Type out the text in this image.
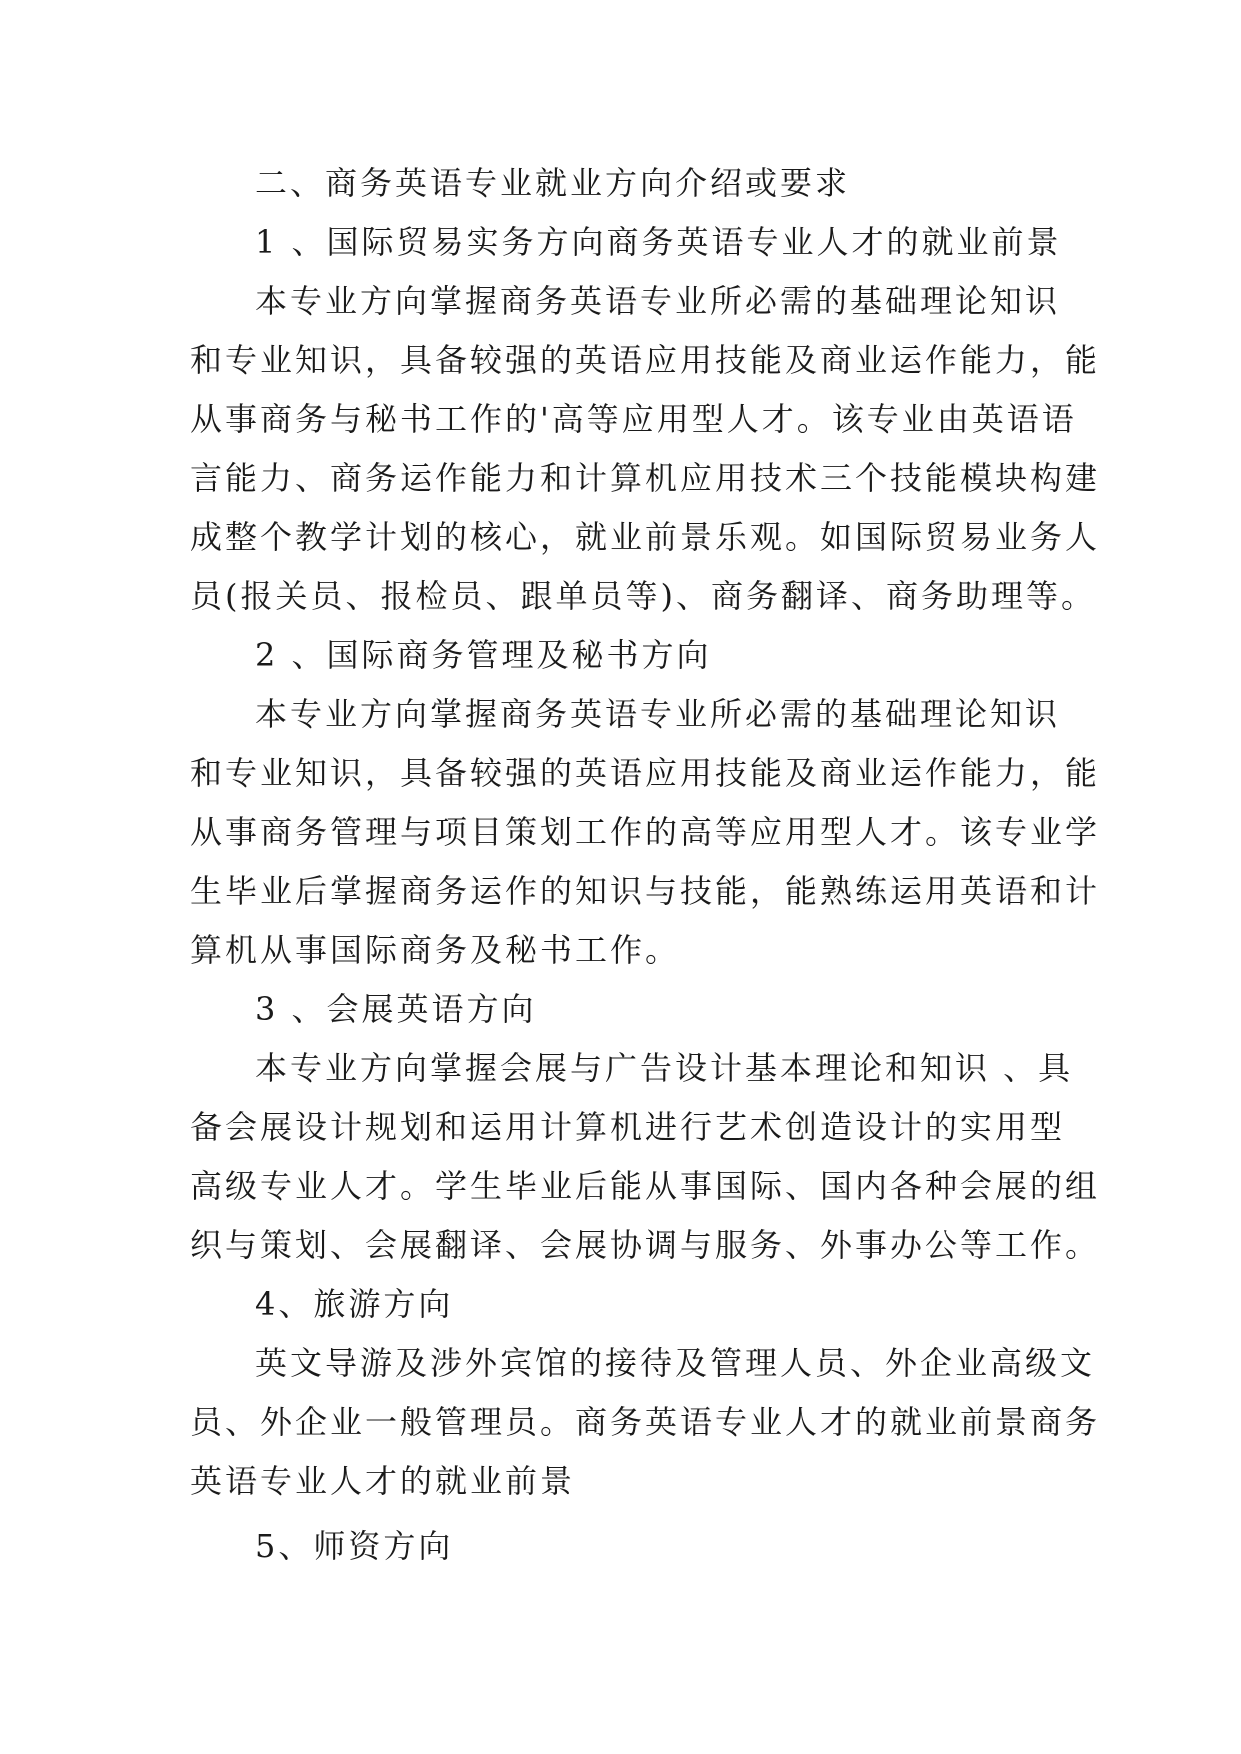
二、商务英语专业就业方向介绍或要求
1 、国际贸易实务方向商务英语专业人才的就业前景
本专业方向掌握商务英语专业所必需的基础理论知识
和专业知识，具备较强的英语应用技能及商业运作能力，能
从事商务与秘书工作的'高等应用型人才。该专业由英语语
言能力、商务运作能力和计算机应用技术三个技能模块构建
成整个教学计划的核心，就业前景乐观。如国际贸易业务人
员(报关员、报检员、跟单员等)、商务翻译、商务助理等。
2 、国际商务管理及秘书方向
本专业方向掌握商务英语专业所必需的基础理论知识
和专业知识，具备较强的英语应用技能及商业运作能力，能
从事商务管理与项目策划工作的高等应用型人才。该专业学
生毕业后掌握商务运作的知识与技能，能熟练运用英语和计
算机从事国际商务及秘书工作。
3 、会展英语方向
本专业方向掌握会展与广告设计基本理论和知识 、具
备会展设计规划和运用计算机进行艺术创造设计的实用型
高级专业人才。学生毕业后能从事国际、国内各种会展的组
织与策划、会展翻译、会展协调与服务、外事办公等工作。
4、旅游方向
英文导游及涉外宾馆的接待及管理人员、外企业高级文
员、外企业一般管理员。商务英语专业人才的就业前景商务
英语专业人才的就业前景
5、师资方向
